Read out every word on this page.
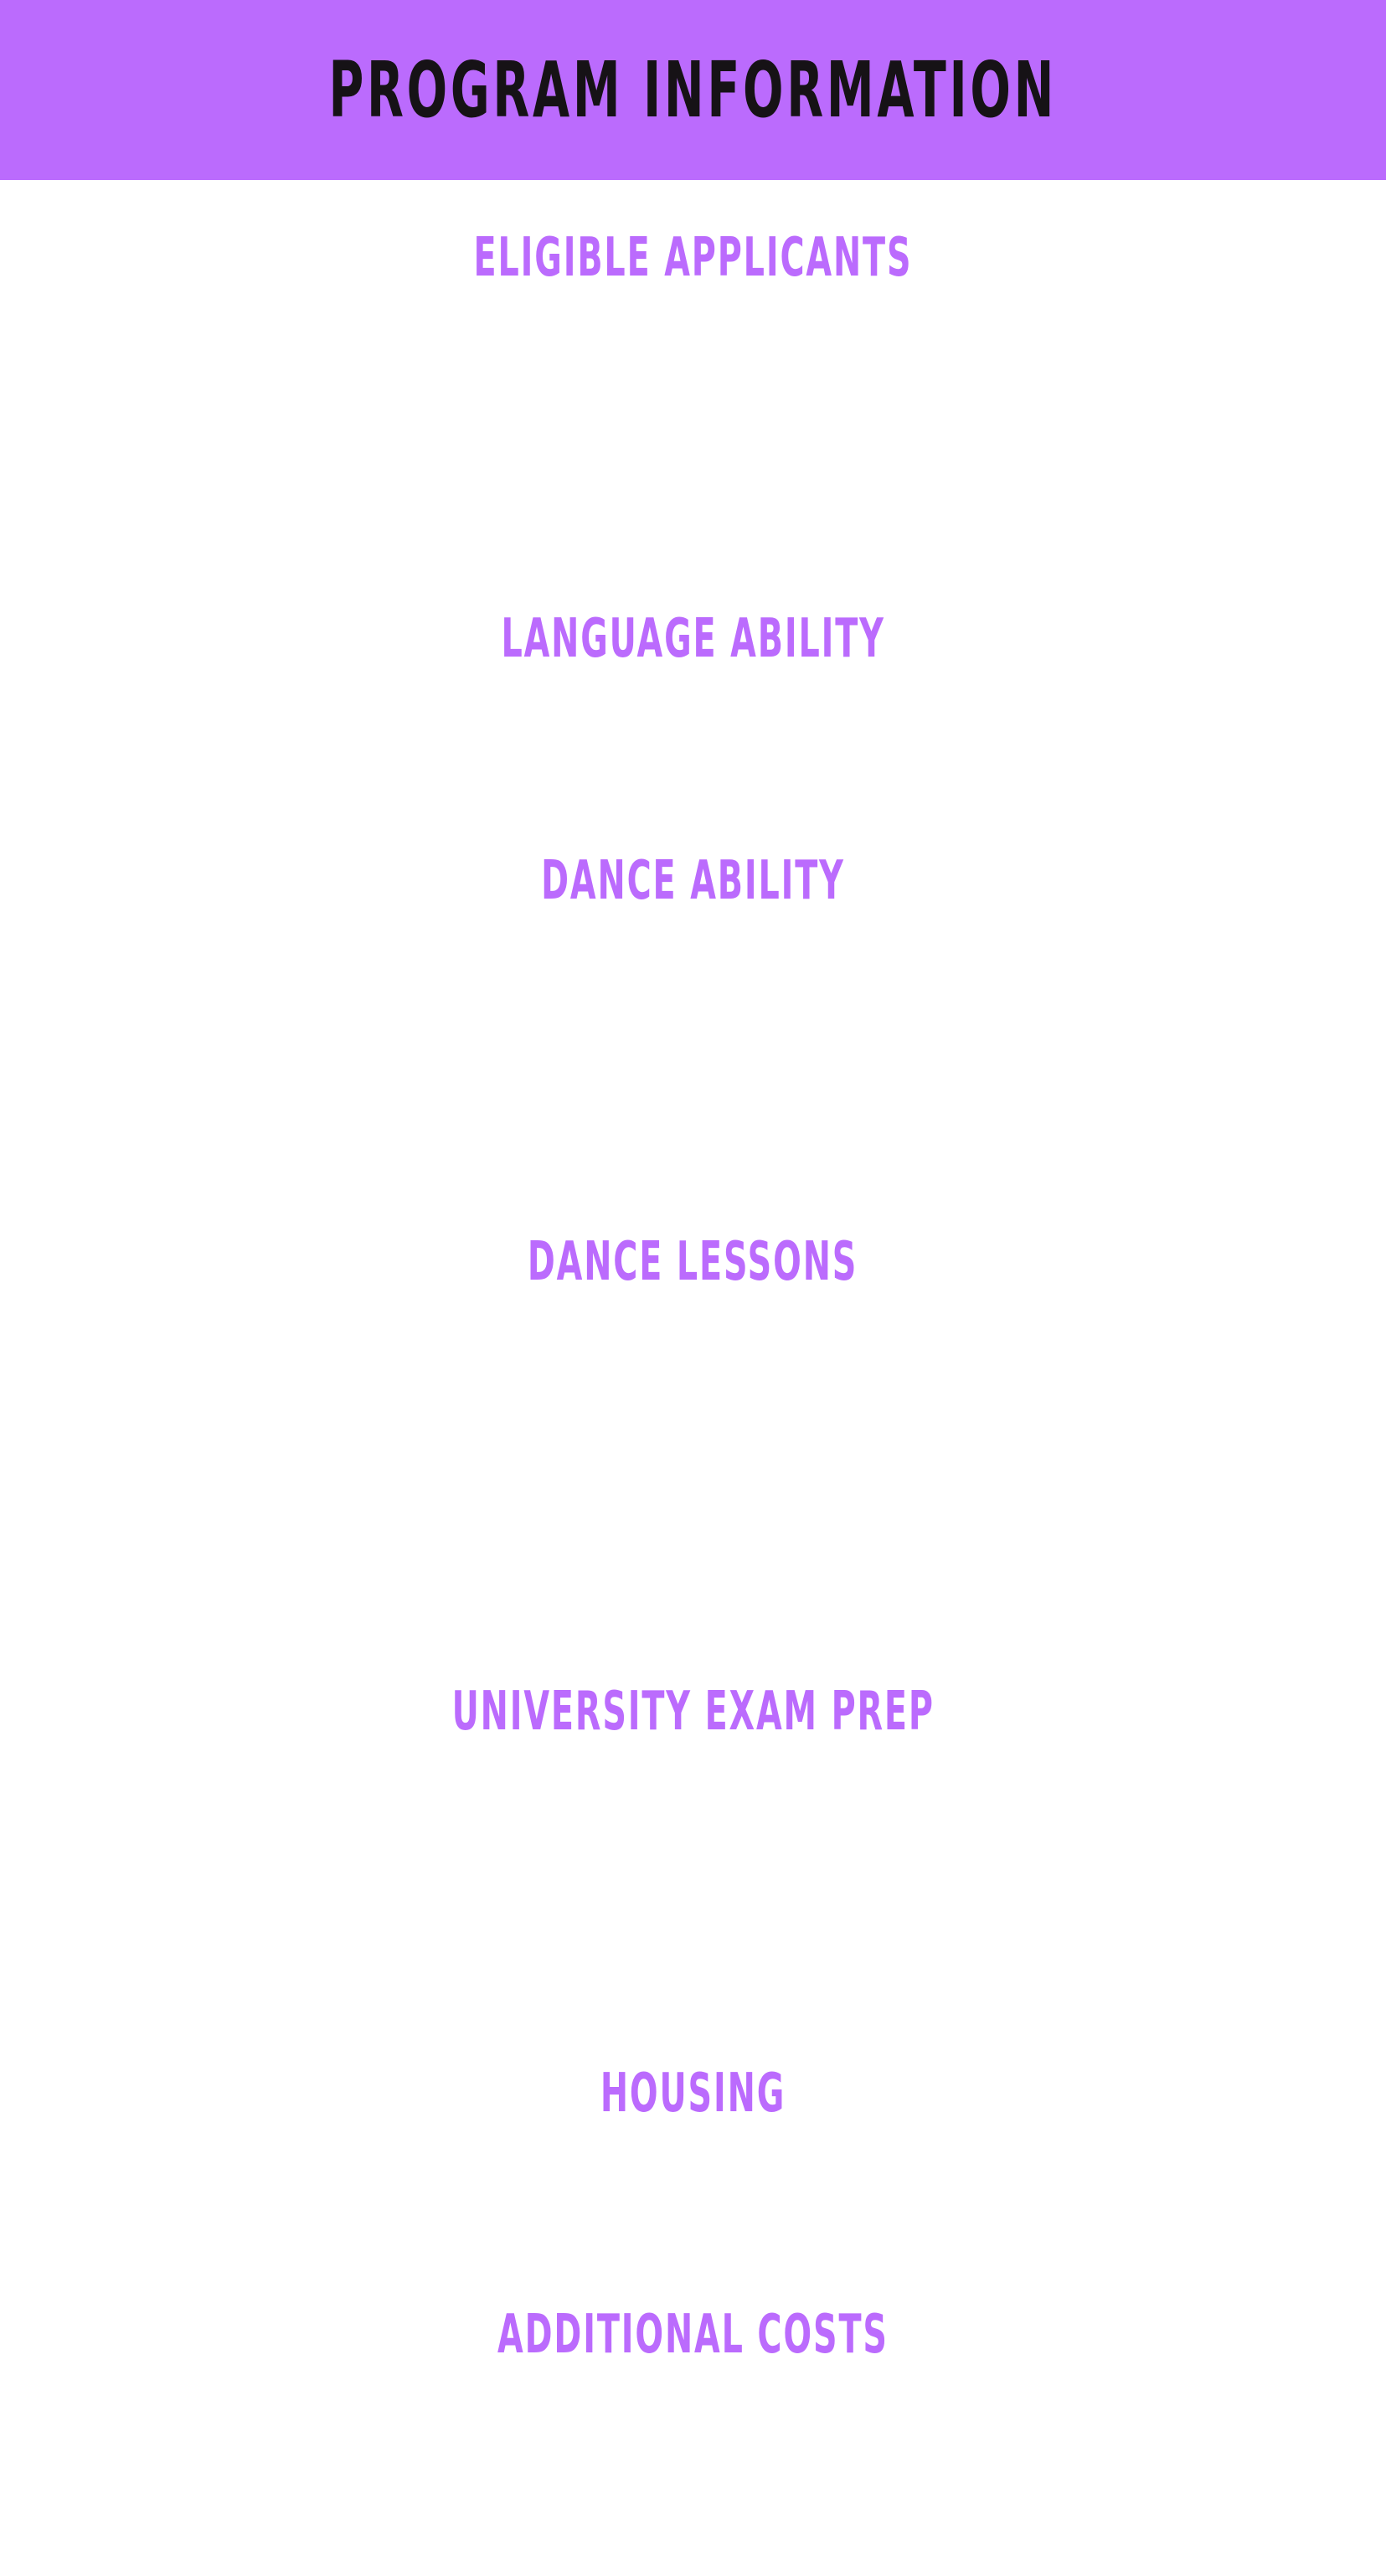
PROGRAM INFORMATION
ELIGIBLE APPLICANTS
LANGUAGE ABILITY
DANCE ABILITY
DANCE LESSONS
UNIVERSITY EXAM PREP
HOUSING
ADDITIONAL COSTS
